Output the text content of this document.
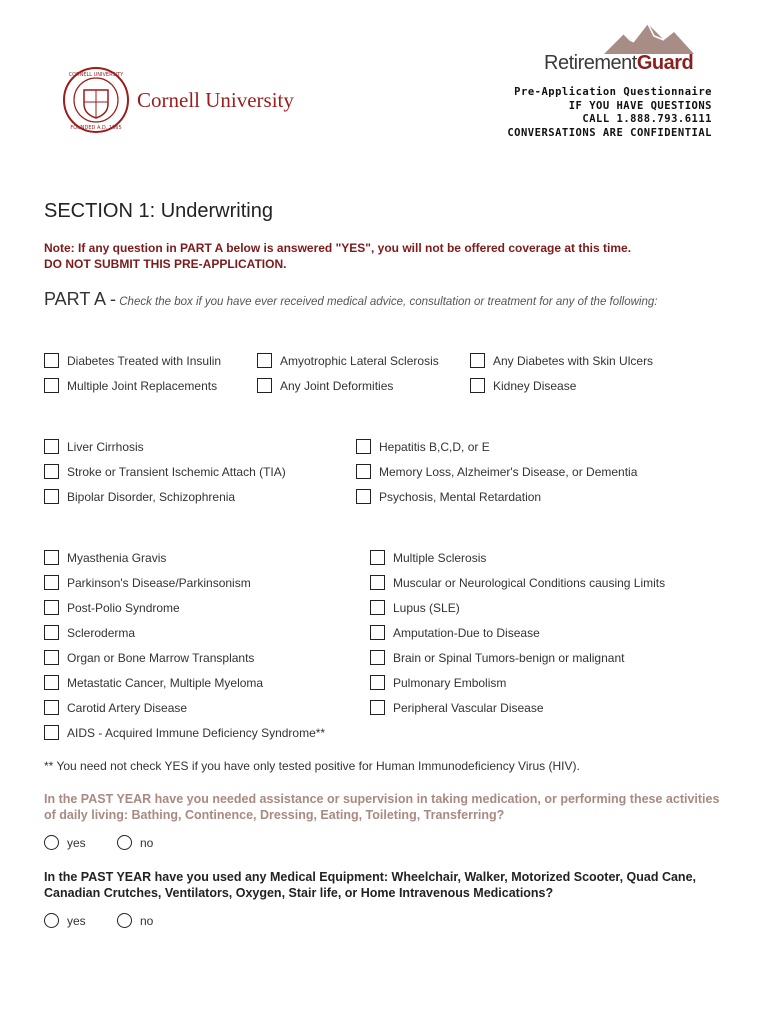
CORNELL UNIVERSITY
FOUNDED A.D. 1865
Cornell University
RetirementGuard
Pre-Application Questionnaire
IF YOU HAVE QUESTIONS
CALL 1.888.793.6111
CONVERSATIONS ARE CONFIDENTIAL
SECTION 1: Underwriting
Note: If any question in PART A below is answered "YES", you will not be offered coverage at this time.
DO NOT SUBMIT THIS PRE-APPLICATION.
PART A - Check the box if you have ever received medical advice, consultation or treatment for any of the following:
Diabetes Treated with Insulin	Amyotrophic Lateral Sclerosis	Any Diabetes with Skin Ulcers
Multiple Joint Replacements	Any Joint Deformities	Kidney Disease
Liver Cirrhosis	Hepatitis B,C,D, or E
Stroke or Transient Ischemic Attach (TIA)	Memory Loss, Alzheimer's Disease, or Dementia
Bipolar Disorder, Schizophrenia	Psychosis, Mental Retardation
Myasthenia Gravis	Multiple Sclerosis
Parkinson's Disease/Parkinsonism	Muscular or Neurological Conditions causing Limits
Post-Polio Syndrome	Lupus (SLE)
Scleroderma	Amputation-Due to Disease
Organ or Bone Marrow Transplants	Brain or Spinal Tumors-benign or malignant
Metastatic Cancer, Multiple Myeloma	Pulmonary Embolism
Carotid Artery Disease	Peripheral Vascular Disease
AIDS - Acquired Immune Deficiency Syndrome**
** You need not check YES if you have only tested positive for Human Immunodeficiency Virus (HIV).
In the PAST YEAR have you needed assistance or supervision in taking medication, or performing these activities of daily living: Bathing, Continence, Dressing, Eating, Toileting, Transferring?
yes	no
In the PAST YEAR have you used any Medical Equipment: Wheelchair, Walker, Motorized Scooter, Quad Cane, Canadian Crutches, Ventilators, Oxygen, Stair life, or Home Intravenous Medications?
yes	no
